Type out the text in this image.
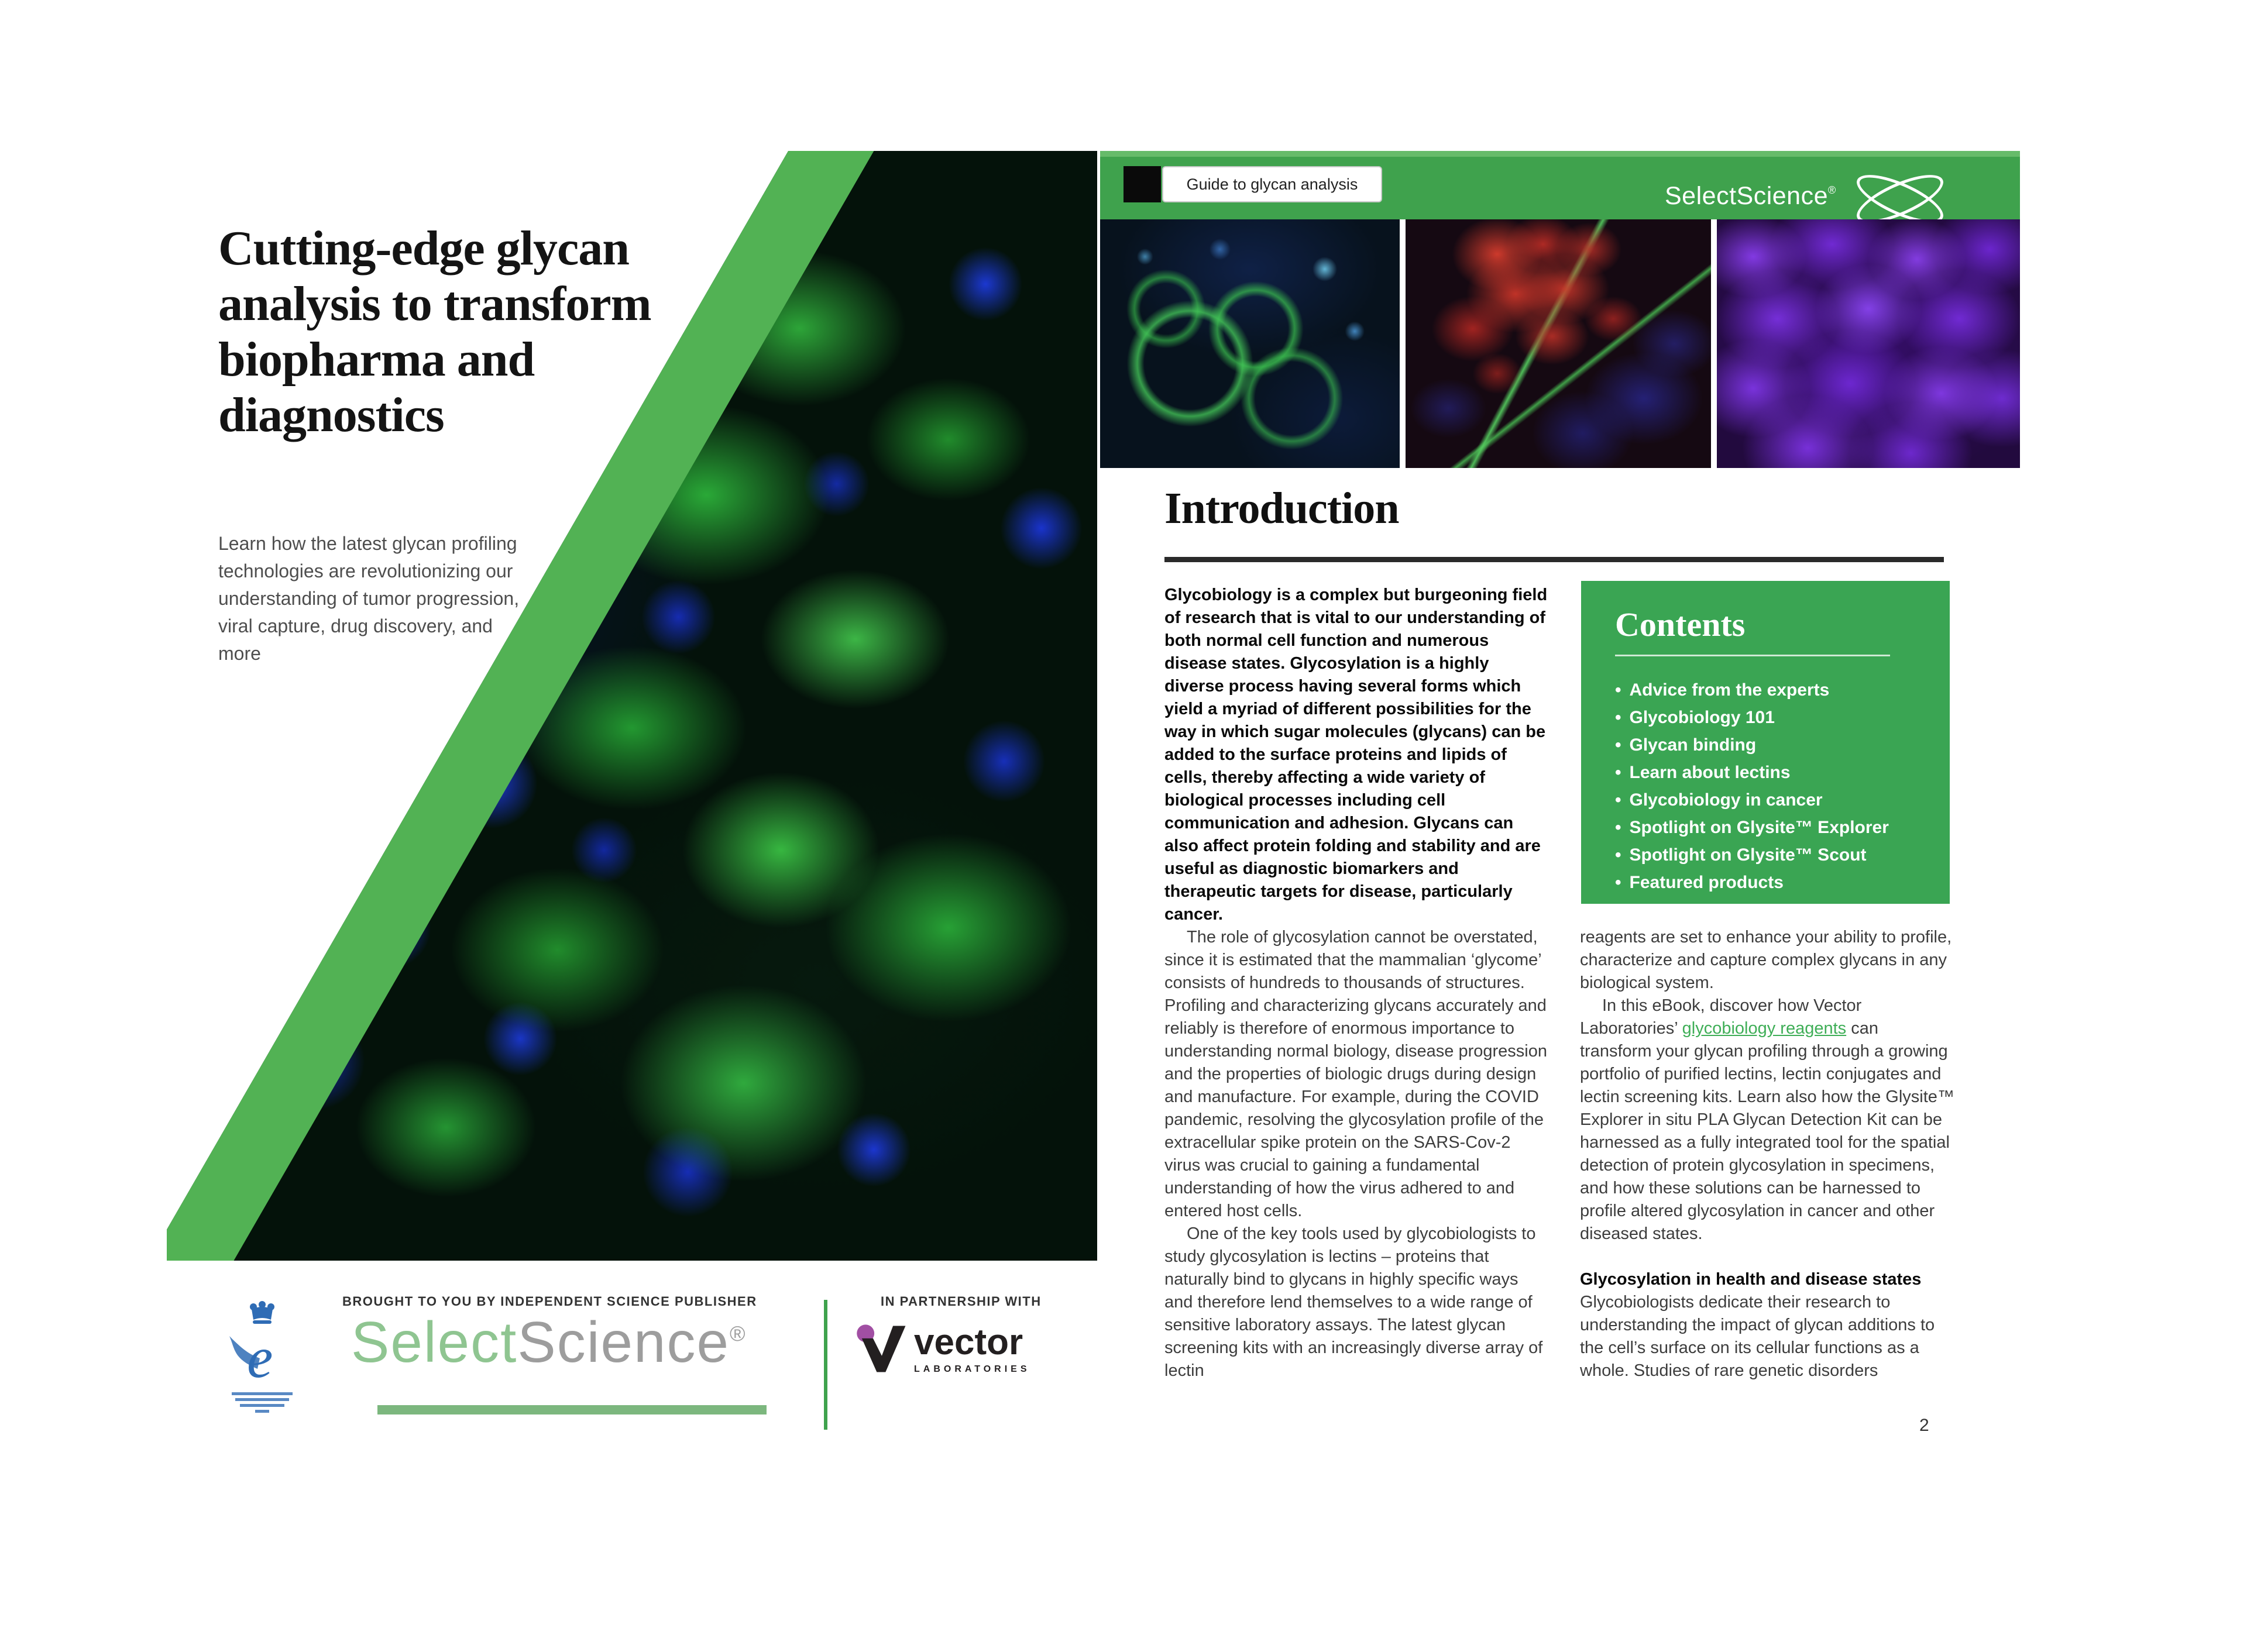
Cutting-edge glycan analysis to transform biopharma and diagnostics
Learn how the latest glycan profiling technologies are revolutionizing our understanding of tumor progression, viral capture, drug discovery, and more
e
BROUGHT TO YOU BY INDEPENDENT SCIENCE PUBLISHER
SelectScience®
IN PARTNERSHIP WITH
vector
LABORATORIES
Guide to glycan analysis	SelectScience®
Introduction

Glycobiology is a complex but burgeoning field of research that is vital to our understanding of both normal cell function and numerous disease states. Glycosylation is a highly diverse process having several forms which yield a myriad of different possibilities for the way in which sugar molecules (glycans) can be added to the surface proteins and lipids of cells, thereby affecting a wide variety of biological processes including cell communication and adhesion. Glycans can also affect protein folding and stability and are useful as diagnostic biomarkers and therapeutic targets for disease, particularly cancer.

The role of glycosylation cannot be overstated, since it is estimated that the mammalian ‘glycome’ consists of hundreds to thousands of structures. Profiling and characterizing glycans accurately and reliably is therefore of enormous importance to understanding normal biology, disease progression and the properties of biologic drugs during design and manufacture. For example, during the COVID pandemic, resolving the glycosylation profile of the extracellular spike protein on the SARS-Cov-2 virus was crucial to gaining a fundamental understanding of how the virus adhered to and entered host cells.

One of the key tools used by glycobiologists to study glycosylation is lectins – proteins that naturally bind to glycans in highly specific ways and therefore lend themselves to a wide range of sensitive laboratory assays. The latest glycan screening kits with an increasingly diverse array of lectin

Contents
• Advice from the experts
• Glycobiology 101
• Glycan binding
• Learn about lectins
• Glycobiology in cancer
• Spotlight on Glysite™ Explorer
• Spotlight on Glysite™ Scout
• Featured products

reagents are set to enhance your ability to profile, characterize and capture complex glycans in any biological system.

In this eBook, discover how Vector Laboratories’ glycobiology reagents can transform your glycan profiling through a growing portfolio of purified lectins, lectin conjugates and lectin screening kits. Learn also how the Glysite™ Explorer in situ PLA Glycan Detection Kit can be harnessed as a fully integrated tool for the spatial detection of protein glycosylation in specimens, and how these solutions can be harnessed to profile altered glycosylation in cancer and other diseased states.

Glycosylation in health and disease states

Glycobiologists dedicate their research to understanding the impact of glycan additions to the cell’s surface on its cellular functions as a whole. Studies of rare genetic disorders

2
